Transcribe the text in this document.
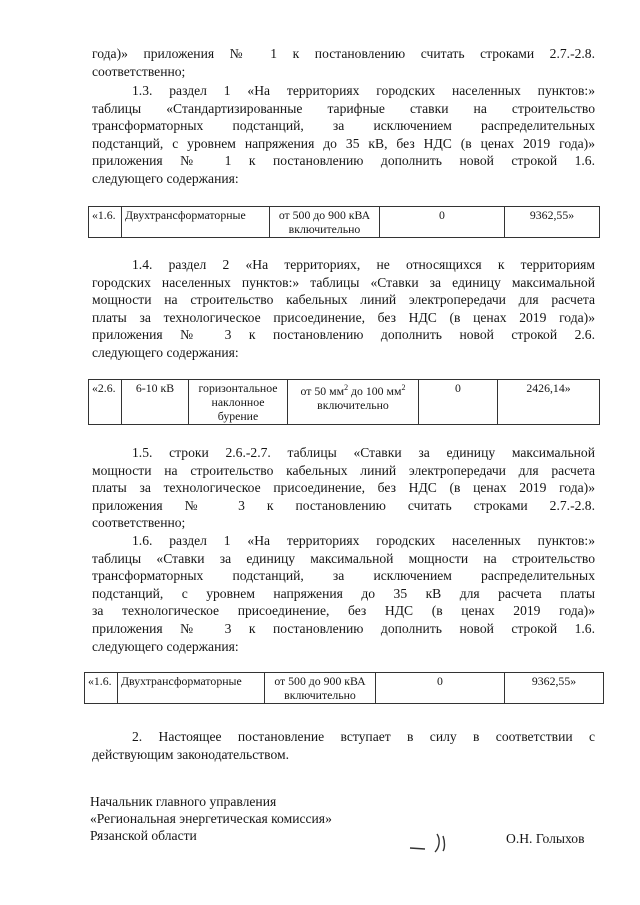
года)» приложения № 1 к постановлению считать строками 2.7.-2.8.
соответственно;
1.3. раздел 1 «На территориях городских населенных пунктов:»
таблицы «Стандартизированные тарифные ставки на строительство
трансформаторных подстанций, за исключением распределительных
подстанций, с уровнем напряжения до 35 кВ, без НДС (в ценах 2019 года)»
приложения № 1 к постановлению дополнить новой строкой 1.6.
следующего содержания:
«1.6.	Двухтрансформаторные	от 500 до 900 кВА
включительно	0	9362,55»
1.4. раздел 2 «На территориях, не относящихся к территориям
городских населенных пунктов:» таблицы «Ставки за единицу максимальной
мощности на строительство кабельных линий электропередачи для расчета
платы за технологическое присоединение, без НДС (в ценах 2019 года)»
приложения № 3 к постановлению дополнить новой строкой 2.6.
следующего содержания:
«2.6.	6-10 кВ	горизонтальное
наклонное
бурение	от 50 $мм^2$ до 100 $мм^2$
включительно	0	2426,14»
1.5. строки 2.6.-2.7. таблицы «Ставки за единицу максимальной
мощности на строительство кабельных линий электропередачи для расчета
платы за технологическое присоединение, без НДС (в ценах 2019 года)»
приложения № 3 к постановлению считать строками 2.7.-2.8.
соответственно;
1.6. раздел 1 «На территориях городских населенных пунктов:»
таблицы «Ставки за единицу максимальной мощности на строительство
трансформаторных подстанций, за исключением распределительных
подстанций, с уровнем напряжения до 35 кВ для расчета платы
за технологическое присоединение, без НДС (в ценах 2019 года)»
приложения № 3 к постановлению дополнить новой строкой 1.6.
следующего содержания:
«1.6.	Двухтрансформаторные	от 500 до 900 кВА
включительно	0	9362,55»
2. Настоящее постановление вступает в силу в соответствии с
действующим законодательством.
Начальник главного управления
«Региональная энергетическая комиссия»
Рязанской области	О.Н. Голыхов
